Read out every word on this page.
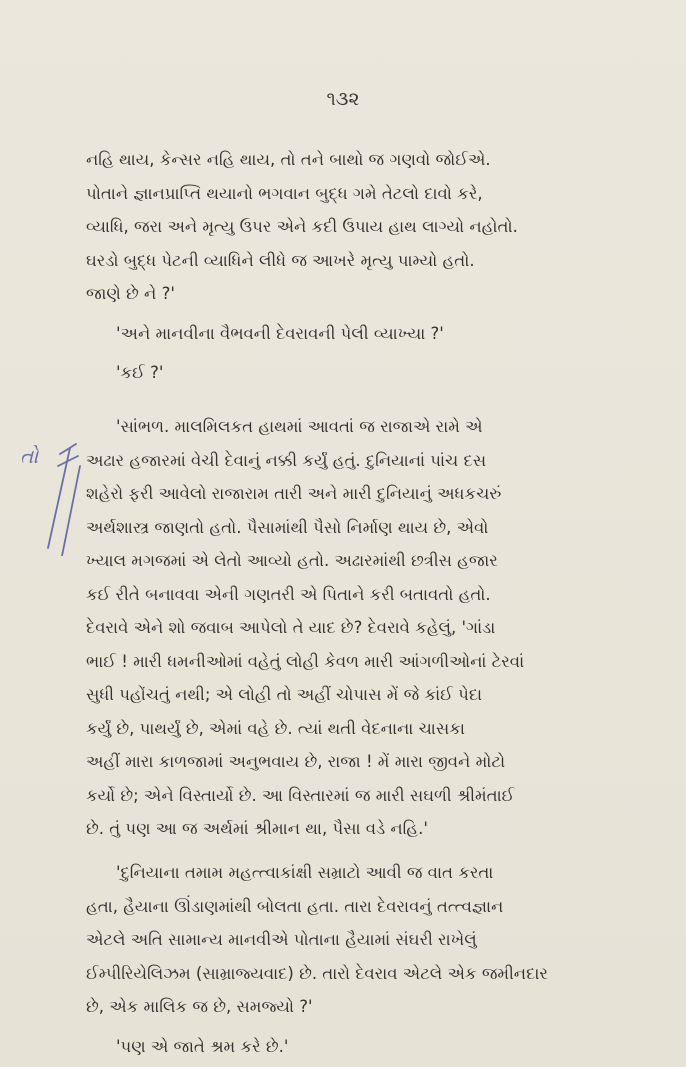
૧૩૨
તો
નહિ થાય, કેન્સર નહિ થાય, તો તને બાથો જ ગણવો જોઈએ.
પોતાને જ્ઞાનપ્રાપ્તિ થયાનો ભગવાન બુદ્ધ ગમે તેટલો દાવો કરે,
વ્યાધિ, જરા અને મૃત્યુ ઉપર એને કદી ઉપાય હાથ લાગ્યો નહોતો.
ઘરડો બુદ્ધ પેટની વ્યાધિને લીધે જ આખરે મૃત્યુ પામ્યો હતો.
જાણે છે ને ?'
'અને માનવીના વૈભવની દેવરાવની પેલી વ્યાખ્યા ?'
'કઈ ?'
'સાંભળ. માલમિલકત હાથમાં આવતાં જ રાજાએ રામે એ
અઢાર હજારમાં વેચી દેવાનું નક્કી કર્યું હતું. દુનિયાનાં પાંચ દસ
શહેરો ફરી આવેલો રાજારામ તારી અને મારી દુનિયાનું અધકચરું
અર્થશાસ્ત્ર જાણતો હતો. પૈસામાંથી પૈસો નિર્માણ થાય છે, એવો
ખ્યાલ મગજમાં એ લેતો આવ્યો હતો. અઢારમાંથી છત્રીસ હજાર
કઈ રીતે બનાવવા એની ગણતરી એ પિતાને કરી બતાવતો હતો.
દેવરાવે એને શો જવાબ આપેલો તે યાદ છે? દેવરાવે કહેલું, 'ગાંડા
ભાઈ ! મારી ધમનીઓમાં વહેતું લોહી કેવળ મારી આંગળીઓનાં ટેરવાં
સુધી પહોંચતું નથી; એ લોહી તો અહીં ચોપાસ મેં જે કાંઈ પેદા
કર્યું છે, પાથર્યું છે, એમાં વહે છે. ત્યાં થતી વેદનાના ચાસકા
અહીં મારા કાળજામાં અનુભવાય છે, રાજા ! મેં મારા જીવને મોટો
કર્યો છે; એને વિસ્તાર્યો છે. આ વિસ્તારમાં જ મારી સઘળી શ્રીમંતાઈ
છે. તું પણ આ જ અર્થમાં શ્રીમાન થા, પૈસા વડે નહિ.'
'દુનિયાના તમામ મહત્ત્વાકાંક્ષી સમ્રાટો આવી જ વાત કરતા
હતા, હૈયાના ઊંડાણમાંથી બોલતા હતા. તારા દેવરાવનું તત્ત્વજ્ઞાન
એટલે અતિ સામાન્ય માનવીએ પોતાના હૈયામાં સંઘરી રાખેલું
ઈમ્પીરિયેલિઝમ (સામ્રાજ્યવાદ) છે. તારો દેવરાવ એટલે એક જમીનદાર
છે, એક માલિક જ છે, સમજ્યો ?'
'પણ એ જાતે શ્રમ કરે છે.'
